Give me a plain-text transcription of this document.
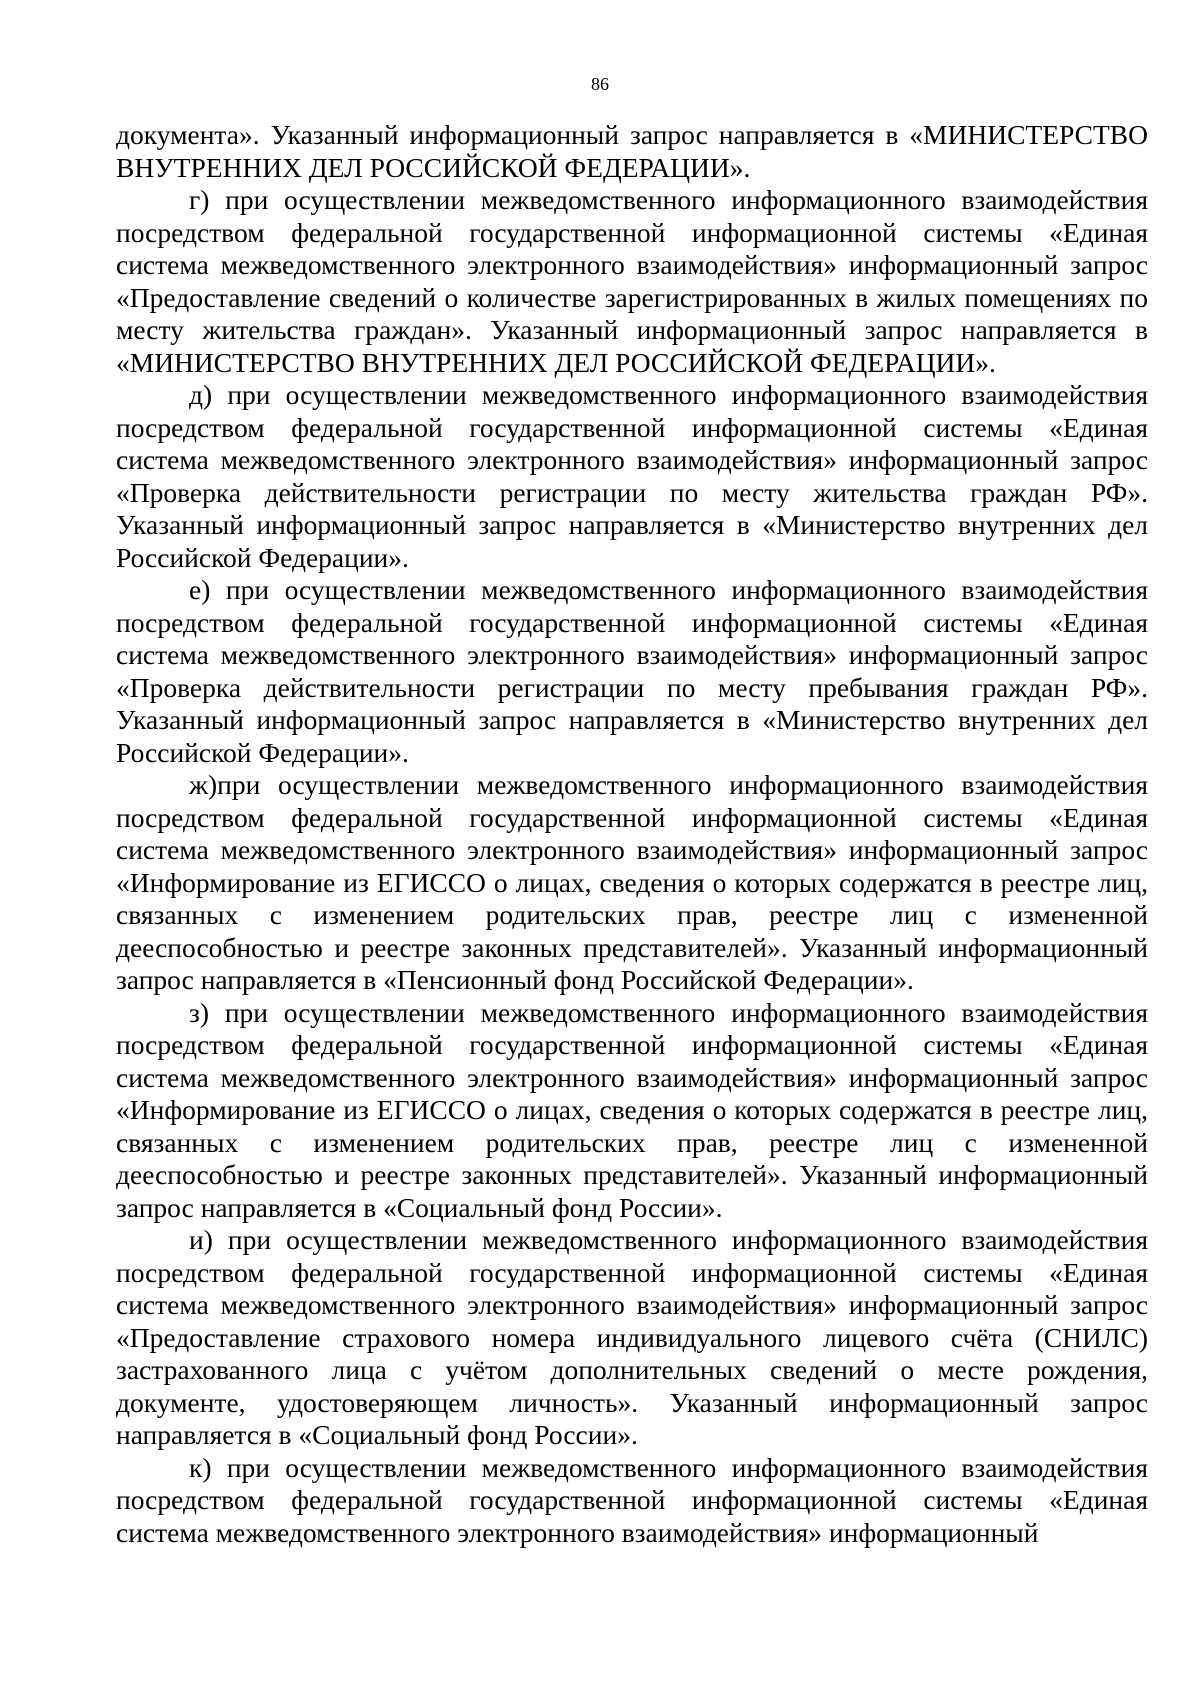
86

документа». Указанный информационный запрос направляется в «МИНИСТЕРСТВО ВНУТРЕННИХ ДЕЛ РОССИЙСКОЙ ФЕДЕРАЦИИ».

г) при осуществлении межведомственного информационного взаимодействия посредством федеральной государственной информационной системы «Единая система межведомственного электронного взаимодействия» информационный запрос «Предоставление сведений о количестве зарегистрированных в жилых помещениях по месту жительства граждан». Указанный информационный запрос направляется в «МИНИСТЕРСТВО ВНУТРЕННИХ ДЕЛ РОССИЙСКОЙ ФЕДЕРАЦИИ».

д) при осуществлении межведомственного информационного взаимодействия посредством федеральной государственной информационной системы «Единая система межведомственного электронного взаимодействия» информационный запрос «Проверка действительности регистрации по месту жительства граждан РФ». Указанный информационный запрос направляется в «Министерство внутренних дел Российской Федерации».

е) при осуществлении межведомственного информационного взаимодействия посредством федеральной государственной информационной системы «Единая система межведомственного электронного взаимодействия» информационный запрос «Проверка действительности регистрации по месту пребывания граждан РФ». Указанный информационный запрос направляется в «Министерство внутренних дел Российской Федерации».

ж)при осуществлении межведомственного информационного взаимодействия посредством федеральной государственной информационной системы «Единая система межведомственного электронного взаимодействия» информационный запрос «Информирование из ЕГИССО о лицах, сведения о которых содержатся в реестре лиц, связанных с изменением родительских прав, реестре лиц с измененной дееспособностью и реестре законных представителей». Указанный информационный запрос направляется в «Пенсионный фонд Российской Федерации».

з) при осуществлении межведомственного информационного взаимодействия посредством федеральной государственной информационной системы «Единая система межведомственного электронного взаимодействия» информационный запрос «Информирование из ЕГИССО о лицах, сведения о которых содержатся в реестре лиц, связанных с изменением родительских прав, реестре лиц с измененной дееспособностью и реестре законных представителей». Указанный информационный запрос направляется в «Социальный фонд России».

и) при осуществлении межведомственного информационного взаимодействия посредством федеральной государственной информационной системы «Единая система межведомственного электронного взаимодействия» информационный запрос «Предоставление страхового номера индивидуального лицевого счёта (СНИЛС) застрахованного лица с учётом дополнительных сведений о месте рождения, документе, удостоверяющем личность». Указанный информационный запрос направляется в «Социальный фонд России».

к) при осуществлении межведомственного информационного взаимодействия посредством федеральной государственной информационной системы «Единая система межведомственного электронного взаимодействия» информационный
